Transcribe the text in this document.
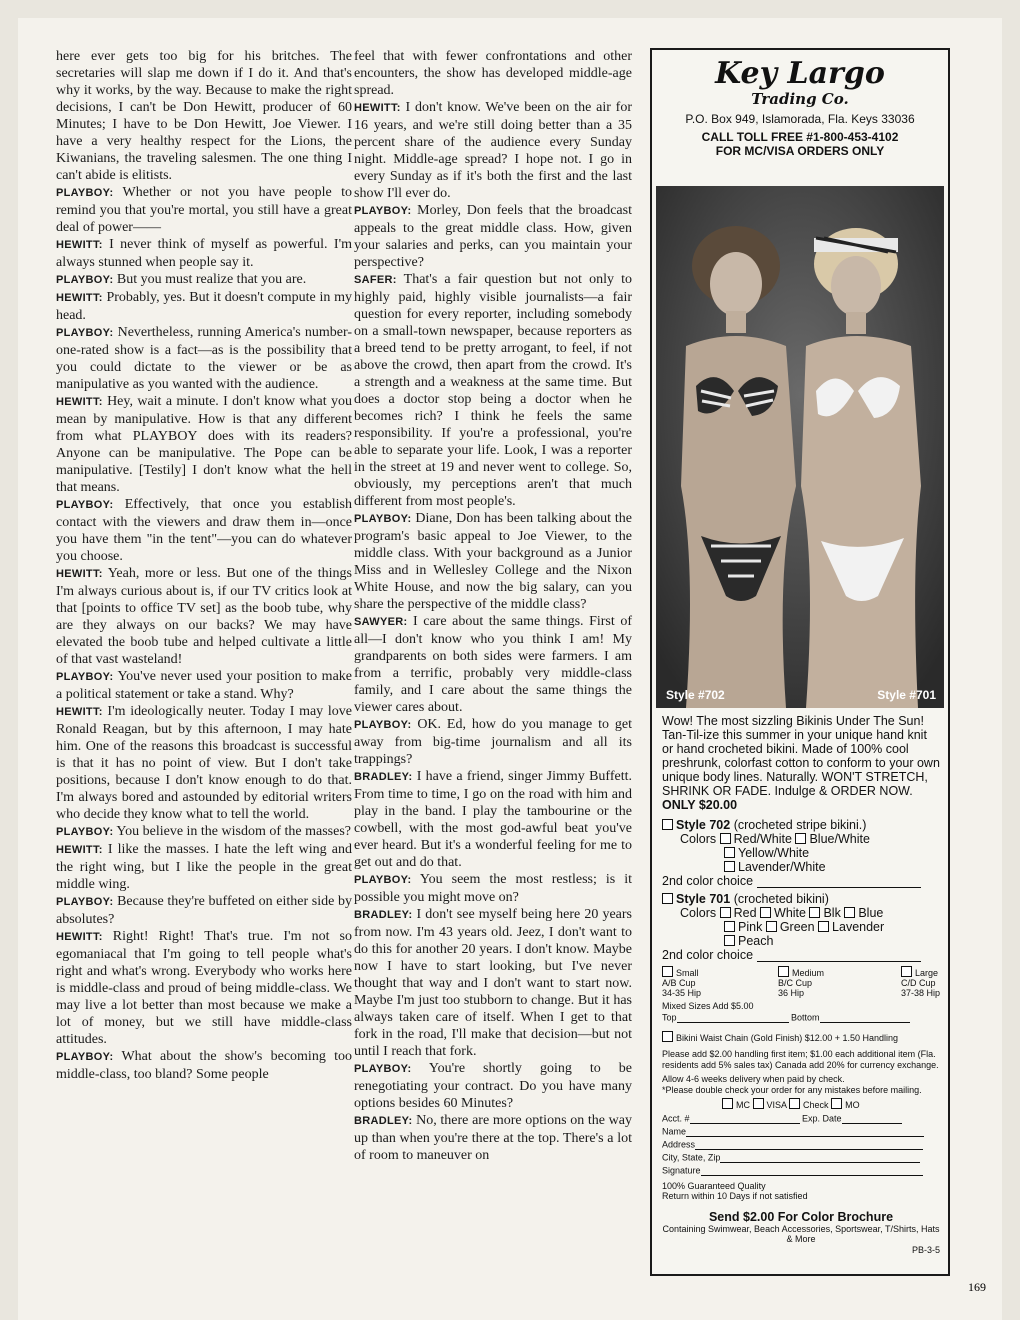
here ever gets too big for his britches. The secretaries will slap me down if I do it. And that's why it works, by the way. Because to make the right decisions, I can't be Don Hewitt, producer of 60 Minutes; I have to be Don Hewitt, Joe Viewer. I have a very healthy respect for the Lions, the Kiwanians, the traveling salesmen. The one thing I can't abide is elitists.

PLAYBOY: Whether or not you have people to remind you that you're mortal, you still have a great deal of power——

HEWITT: I never think of myself as powerful. I'm always stunned when people say it.

PLAYBOY: But you must realize that you are.

HEWITT: Probably, yes. But it doesn't compute in my head.

PLAYBOY: Nevertheless, running America's number-one-rated show is a fact—as is the possibility that you could dictate to the viewer or be as manipulative as you wanted with the audience.

HEWITT: Hey, wait a minute. I don't know what you mean by manipulative. How is that any different from what PLAYBOY does with its readers? Anyone can be manipulative. The Pope can be manipulative. [Testily] I don't know what the hell that means.

PLAYBOY: Effectively, that once you establish contact with the viewers and draw them in—once you have them "in the tent"—you can do whatever you choose.

HEWITT: Yeah, more or less. But one of the things I'm always curious about is, if our TV critics look at that [points to office TV set] as the boob tube, why are they always on our backs? We may have elevated the boob tube and helped cultivate a little of that vast wasteland!

PLAYBOY: You've never used your position to make a political statement or take a stand. Why?

HEWITT: I'm ideologically neuter. Today I may love Ronald Reagan, but by this afternoon, I may hate him. One of the reasons this broadcast is successful is that it has no point of view. But I don't take positions, because I don't know enough to do that. I'm always bored and astounded by editorial writers who decide they know what to tell the world.

PLAYBOY: You believe in the wisdom of the masses?

HEWITT: I like the masses. I hate the left wing and the right wing, but I like the people in the great middle wing.

PLAYBOY: Because they're buffeted on either side by absolutes?

HEWITT: Right! Right! That's true. I'm not so egomaniacal that I'm going to tell people what's right and what's wrong. Everybody who works here is middle-class and proud of being middle-class. We may live a lot better than most because we make a lot of money, but we still have middle-class attitudes.

PLAYBOY: What about the show's becoming too middle-class, too bland? Some people

feel that with fewer confrontations and other encounters, the show has developed middle-age spread.

HEWITT: I don't know. We've been on the air for 16 years, and we're still doing better than a 35 percent share of the audience every Sunday night. Middle-age spread? I hope not. I go in every Sunday as if it's both the first and the last show I'll ever do.

PLAYBOY: Morley, Don feels that the broadcast appeals to the great middle class. How, given your salaries and perks, can you maintain your perspective?

SAFER: That's a fair question but not only to highly paid, highly visible journalists—a fair question for every reporter, including somebody on a small-town newspaper, because reporters as a breed tend to be pretty arrogant, to feel, if not above the crowd, then apart from the crowd. It's a strength and a weakness at the same time. But does a doctor stop being a doctor when he becomes rich? I think he feels the same responsibility. If you're a professional, you're able to separate your life. Look, I was a reporter in the street at 19 and never went to college. So, obviously, my perceptions aren't that much different from most people's.

PLAYBOY: Diane, Don has been talking about the program's basic appeal to Joe Viewer, to the middle class. With your background as a Junior Miss and in Wellesley College and the Nixon White House, and now the big salary, can you share the perspective of the middle class?

SAWYER: I care about the same things. First of all—I don't know who you think I am! My grandparents on both sides were farmers. I am from a terrific, probably very middle-class family, and I care about the same things the viewer cares about.

PLAYBOY: OK. Ed, how do you manage to get away from big-time journalism and all its trappings?

BRADLEY: I have a friend, singer Jimmy Buffett. From time to time, I go on the road with him and play in the band. I play the tambourine or the cowbell, with the most god-awful beat you've ever heard. But it's a wonderful feeling for me to get out and do that.

PLAYBOY: You seem the most restless; is it possible you might move on?

BRADLEY: I don't see myself being here 20 years from now. I'm 43 years old. Jeez, I don't want to do this for another 20 years. I don't know. Maybe now I have to start looking, but I've never thought that way and I don't want to start now. Maybe I'm just too stubborn to change. But it has always taken care of itself. When I get to that fork in the road, I'll make that decision—but not until I reach that fork.

PLAYBOY: You're shortly going to be renegotiating your contract. Do you have many options besides 60 Minutes?

BRADLEY: No, there are more options on the way up than when you're there at the top. There's a lot of room to maneuver on

Key Largo
Trading Co.
P.O. Box 949, Islamorada, Fla. Keys 33036
CALL TOLL FREE #1-800-453-4102
FOR MC/VISA ORDERS ONLY
Style #702	Style #701

Wow! The most sizzling Bikinis Under The Sun! Tan-Til-ize this summer in your unique hand knit or hand crocheted bikini. Made of 100% cool preshrunk, colorfast cotton to conform to your own unique body lines. Naturally. WON'T STRETCH, SHRINK OR FADE. Indulge & ORDER NOW.

ONLY $20.00

Style 702 (crocheted stripe bikini.)

Colors Red/White Blue/White

Yellow/White

Lavender/White

2nd color choice

Style 701 (crocheted bikini)

Colors Red White Blk Blue

Pink Green Lavender

Peach

2nd color choice

Small
A/B Cup
34-35 Hip
Medium
B/C Cup
36 Hip
Large
C/D Cup
37-38 Hip

Mixed Sizes Add $5.00

Top	Bottom

Bikini Waist Chain (Gold Finish) $12.00 + 1.50 Handling

Please add $2.00 handling first item; $1.00 each additional item (Fla. residents add 5% sales tax) Canada add 20% for currency exchange.

Allow 4-6 weeks delivery when paid by check.

*Please double check your order for any mistakes before mailing.

MC VISA Check MO

Acct. #	Exp. Date

Name

Address

City, State, Zip

Signature

100% Guaranteed Quality

Return within 10 Days if not satisfied

Send $2.00 For Color Brochure

Containing Swimwear, Beach Accessories, Sportswear, T/Shirts, Hats & More

PB-3-5

169
